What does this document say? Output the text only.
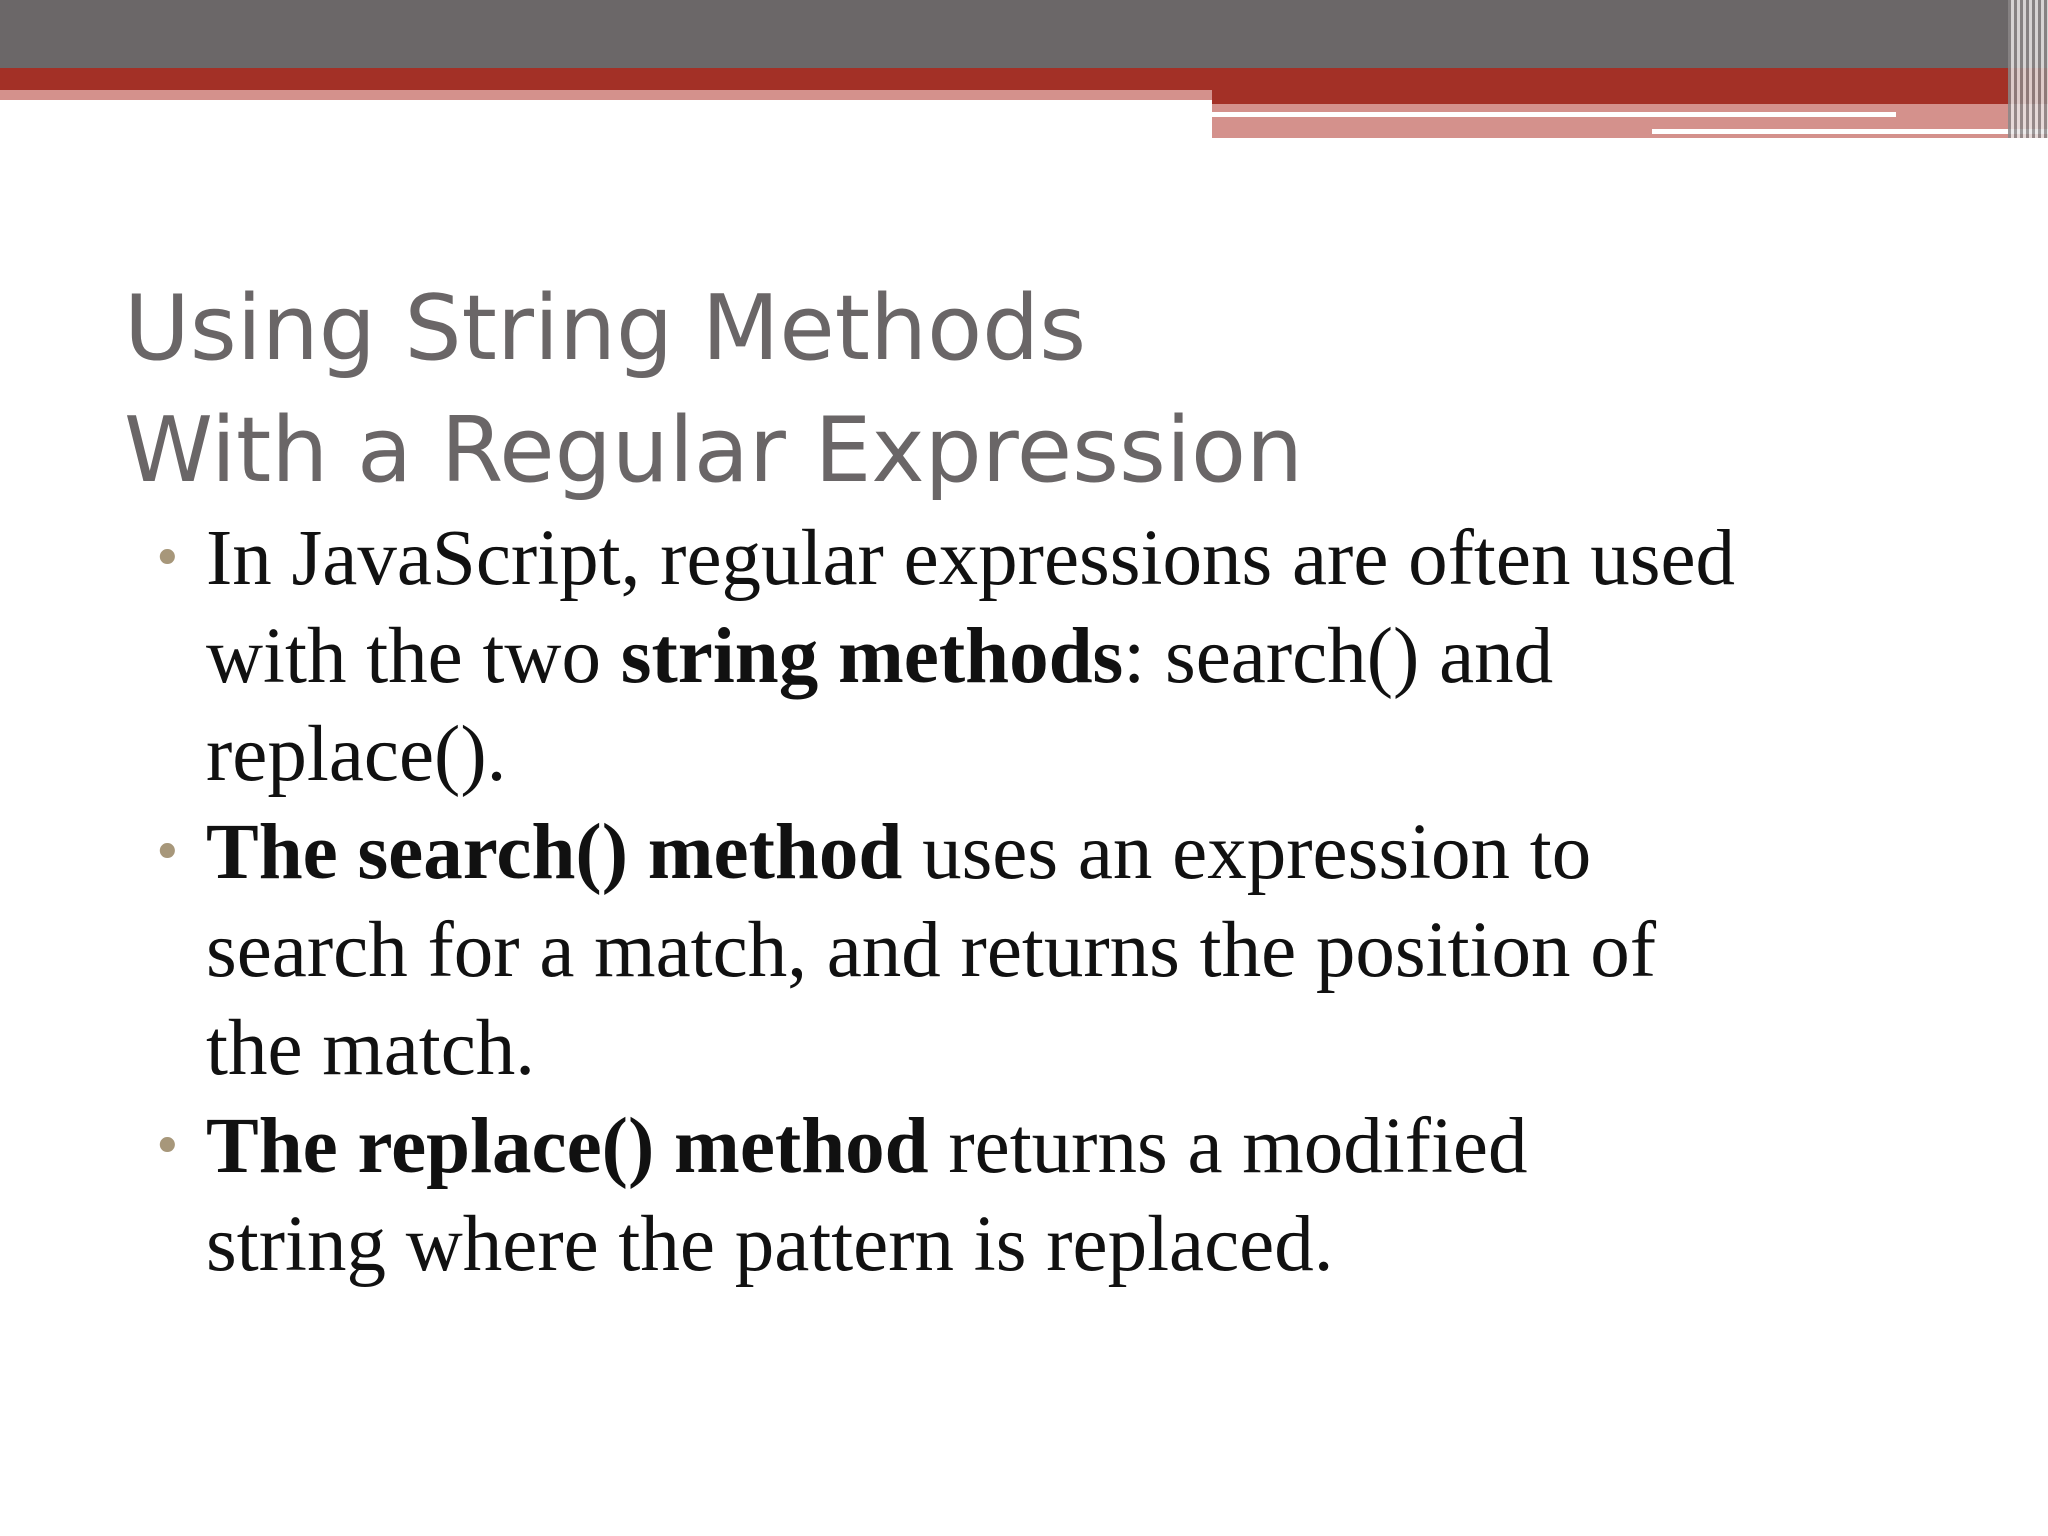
Using String Methods
With a Regular Expression
• In JavaScript, regular expressions are often used
with the two string methods: search() and
replace().
• The search() method uses an expression to
search for a match, and returns the position of
the match.
• The replace() method returns a modified
string where the pattern is replaced.
